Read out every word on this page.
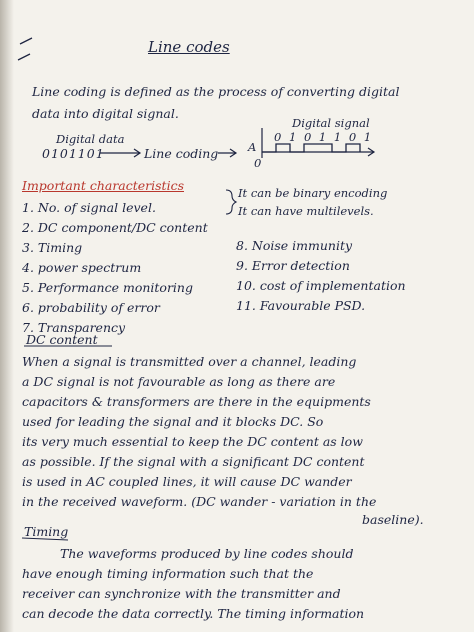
Line codes
Line coding is defined as the process of converting digital
data into digital signal.
Digital data
0101101	Line coding
Digital signal
0 1 0 1 1 0 1
A
0
Important characteristics
1. No. of signal level.
2. DC component/DC content
3. Timing
4. power spectrum
5. Performance monitoring
6. probability of error
7. Transparency
It can be binary encoding
It can have multilevels.
8. Noise immunity
9. Error detection
10. cost of implementation
11. Favourable PSD.
DC content
When a signal is transmitted over a channel, leading
a DC signal is not favourable as long as there are
capacitors & transformers are there in the equipments
used for leading the signal and it blocks DC. So
its very much essential to keep the DC content as low
as possible. If the signal with a significant DC content
is used in AC coupled lines, it will cause DC wander
in the received waveform. (DC wander - variation in the
baseline).
Timing
The waveforms produced by line codes should
have enough timing information such that the
receiver can synchronize with the transmitter and
can decode the data correctly. The timing information
